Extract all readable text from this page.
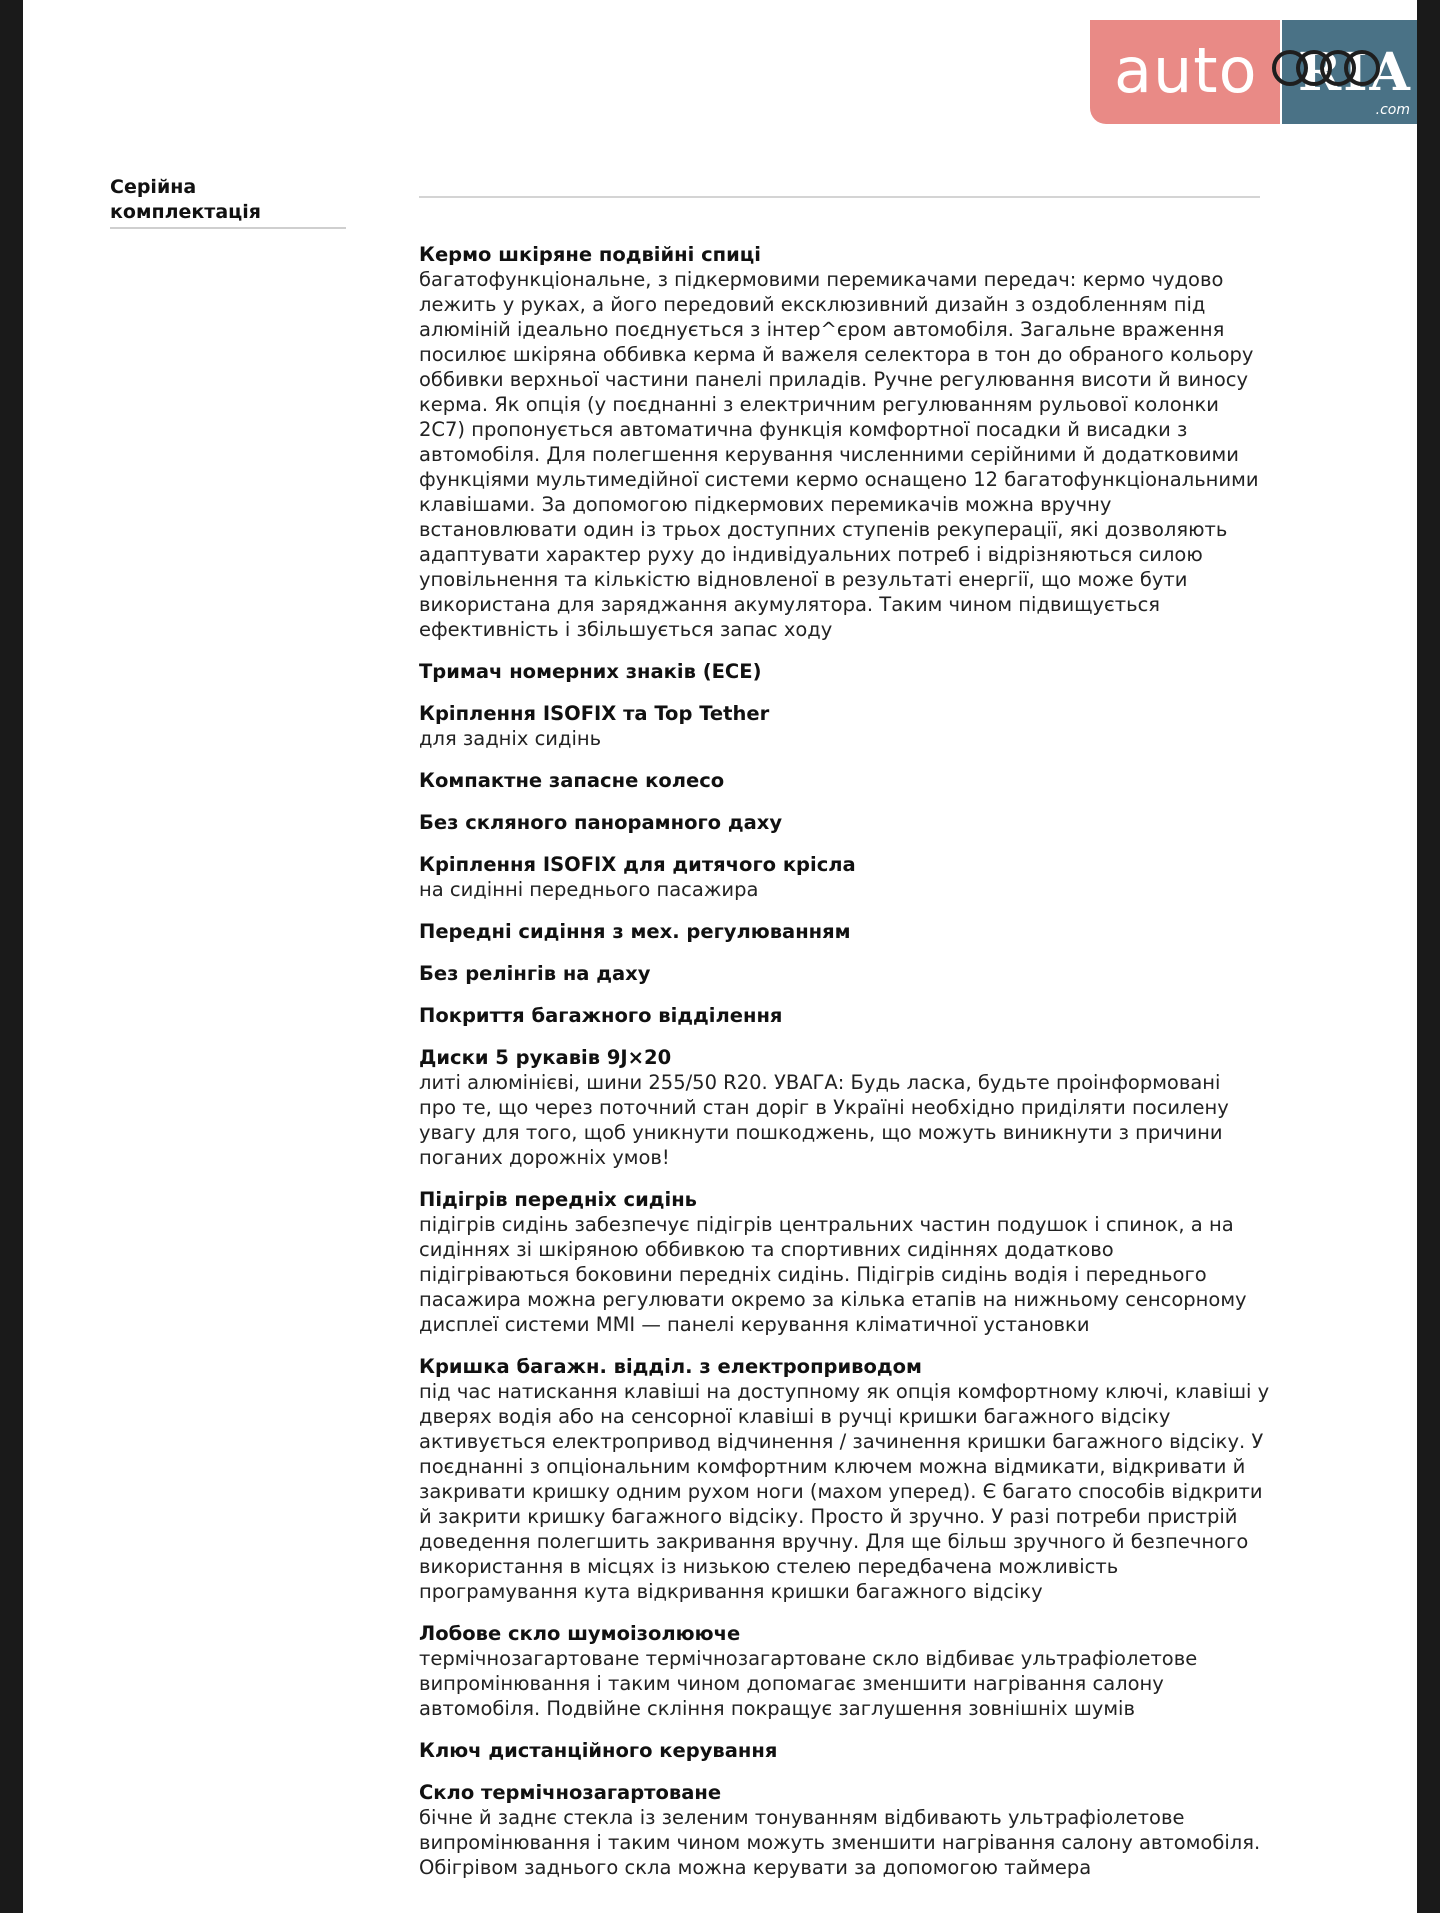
auto RIA
.com
Серійна
комплектація
Кермо шкіряне подвійні спиці
багатофункціональне, з підкермовими перемикачами передач: кермо чудово
лежить у руках, а його передовий ексклюзивний дизайн з оздобленням під
алюміній ідеально поєднується з інтер^єром автомобіля. Загальне враження
посилює шкіряна оббивка керма й важеля селектора в тон до обраного кольору
оббивки верхньої частини панелі приладів. Ручне регулювання висоти й виносу
керма. Як опція (у поєднанні з електричним регулюванням рульової колонки
2C7) пропонується автоматична функція комфортної посадки й висадки з
автомобіля. Для полегшення керування численними серійними й додатковими
функціями мультимедійної системи кермо оснащено 12 багатофункціональними
клавішами. За допомогою підкермових перемикачів можна вручну
встановлювати один із трьох доступних ступенів рекуперації, які дозволяють
адаптувати характер руху до індивідуальних потреб і відрізняються силою
уповільнення та кількістю відновленої в результаті енергії, що може бути
використана для заряджання акумулятора. Таким чином підвищується
ефективність і збільшується запас ходу
Тримач номерних знаків (ЕСЕ)
Кріплення ISOFIX та Top Tether
для задніх сидінь
Компактне запасне колесо
Без скляного панорамного даху
Кріплення ISOFIX для дитячого крісла
на сидінні переднього пасажира
Передні сидіння з мех. регулюванням
Без релінгів на даху
Покриття багажного відділення
Диски 5 рукавів 9J×20
литі алюмінієві, шини 255/50 R20. УВАГА: Будь ласка, будьте проінформовані
про те, що через поточний стан доріг в Україні необхідно приділяти посилену
увагу для того, щоб уникнути пошкоджень, що можуть виникнути з причини
поганих дорожніх умов!
Підігрів передніх сидінь
підігрів сидінь забезпечує підігрів центральних частин подушок і спинок, а на
сидіннях зі шкіряною оббивкою та спортивних сидіннях додатково
підігріваються боковини передніх сидінь. Підігрів сидінь водія і переднього
пасажира можна регулювати окремо за кілька етапів на нижньому сенсорному
дисплеї системи MMI — панелі керування кліматичної установки
Кришка багажн. відділ. з електроприводом
під час натискання клавіші на доступному як опція комфортному ключі, клавіші у
дверях водія або на сенсорної клавіші в ручці кришки багажного відсіку
активується електропривод відчинення / зачинення кришки багажного відсіку. У
поєднанні з опціональним комфортним ключем можна відмикати, відкривати й
закривати кришку одним рухом ноги (махом уперед). Є багато способів відкрити
й закрити кришку багажного відсіку. Просто й зручно. У разі потреби пристрій
доведення полегшить закривання вручну. Для ще більш зручного й безпечного
використання в місцях із низькою стелею передбачена можливість
програмування кута відкривання кришки багажного відсіку
Лобове скло шумоізолююче
термічнозагартоване термічнозагартоване скло відбиває ультрафіолетове
випромінювання і таким чином допомагає зменшити нагрівання салону
автомобіля. Подвійне скління покращує заглушення зовнішніх шумів
Ключ дистанційного керування
Скло термічнозагартоване
бічне й заднє стекла із зеленим тонуванням відбивають ультрафіолетове
випромінювання і таким чином можуть зменшити нагрівання салону автомобіля.
Обігрівом заднього скла можна керувати за допомогою таймера
